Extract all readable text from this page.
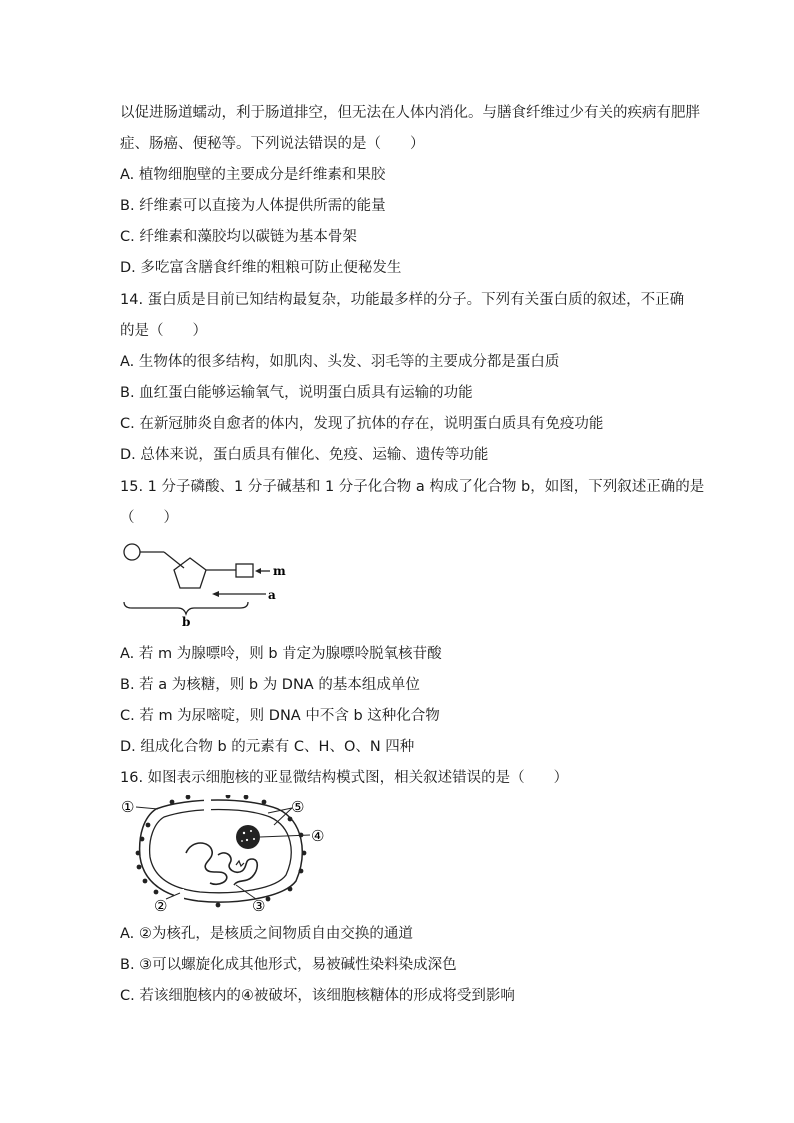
以促进肠道蠕动，利于肠道排空，但无法在人体内消化。与膳食纤维过少有关的疾病有肥胖
症、肠癌、便秘等。下列说法错误的是（　　）
A. 植物细胞壁的主要成分是纤维素和果胶
B. 纤维素可以直接为人体提供所需的能量
C. 纤维素和藻胶均以碳链为基本骨架
D. 多吃富含膳食纤维的粗粮可防止便秘发生
14. 蛋白质是目前已知结构最复杂，功能最多样的分子。下列有关蛋白质的叙述，不正确
的是（　　）
A. 生物体的很多结构，如肌肉、头发、羽毛等的主要成分都是蛋白质
B. 血红蛋白能够运输氧气，说明蛋白质具有运输的功能
C. 在新冠肺炎自愈者的体内，发现了抗体的存在，说明蛋白质具有免疫功能
D. 总体来说，蛋白质具有催化、免疫、运输、遗传等功能
15. 1 分子磷酸、1 分子碱基和 1 分子化合物 a 构成了化合物 b，如图，下列叙述正确的是
（　　）
m
a
b
A. 若 m 为腺嘌呤，则 b 肯定为腺嘌呤脱氧核苷酸
B. 若 a 为核糖，则 b 为 DNA 的基本组成单位
C. 若 m 为尿嘧啶，则 DNA 中不含 b 这种化合物
D. 组成化合物 b 的元素有 C、H、O、N 四种
16. 如图表示细胞核的亚显微结构模式图，相关叙述错误的是（　　）
①
②	③
④
⑤
A. ②为核孔，是核质之间物质自由交换的通道
B. ③可以螺旋化成其他形式，易被碱性染料染成深色
C. 若该细胞核内的④被破坏，该细胞核糖体的形成将受到影响
